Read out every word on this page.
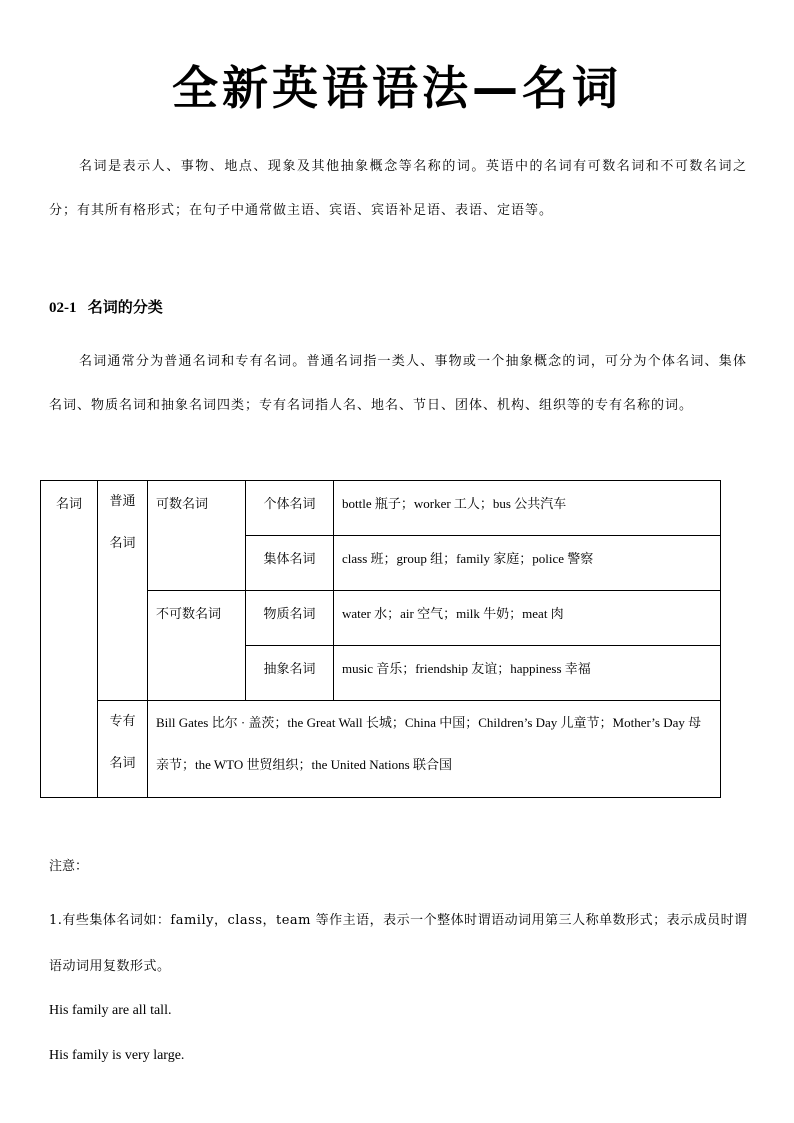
全新英语语法—名词
名词是表示人、事物、地点、现象及其他抽象概念等名称的词。英语中的名词有可数名词和不可数名词之分；有其所有格形式；在句子中通常做主语、宾语、宾语补足语、表语、定语等。
02-1 名词的分类
名词通常分为普通名词和专有名词。普通名词指一类人、事物或一个抽象概念的词，可分为个体名词、集体名词、物质名词和抽象名词四类；专有名词指人名、地名、节日、团体、机构、组织等的专有名称的词。
名词	普通名词	可数名词	个体名词	bottle 瓶子；worker 工人；bus 公共汽车
			集体名词	class 班；group 组；family 家庭；police 警察
		不可数名词	物质名词	water 水；air 空气；milk 牛奶；meat 肉
			抽象名词	music 音乐；friendship 友谊；happiness 幸福
	专有名词	Bill Gates 比尔 · 盖茨；the Great Wall 长城；China 中国；Children’s Day 儿童节；Mother’s Day 母亲节；the WTO 世贸组织；the United Nations 联合国		
注意：
1.有些集体名词如：family，class，team 等作主语，表示一个整体时谓语动词用第三人称单数形式；表示成员时谓语动词用复数形式。
His family are all tall.
His family is very large.
